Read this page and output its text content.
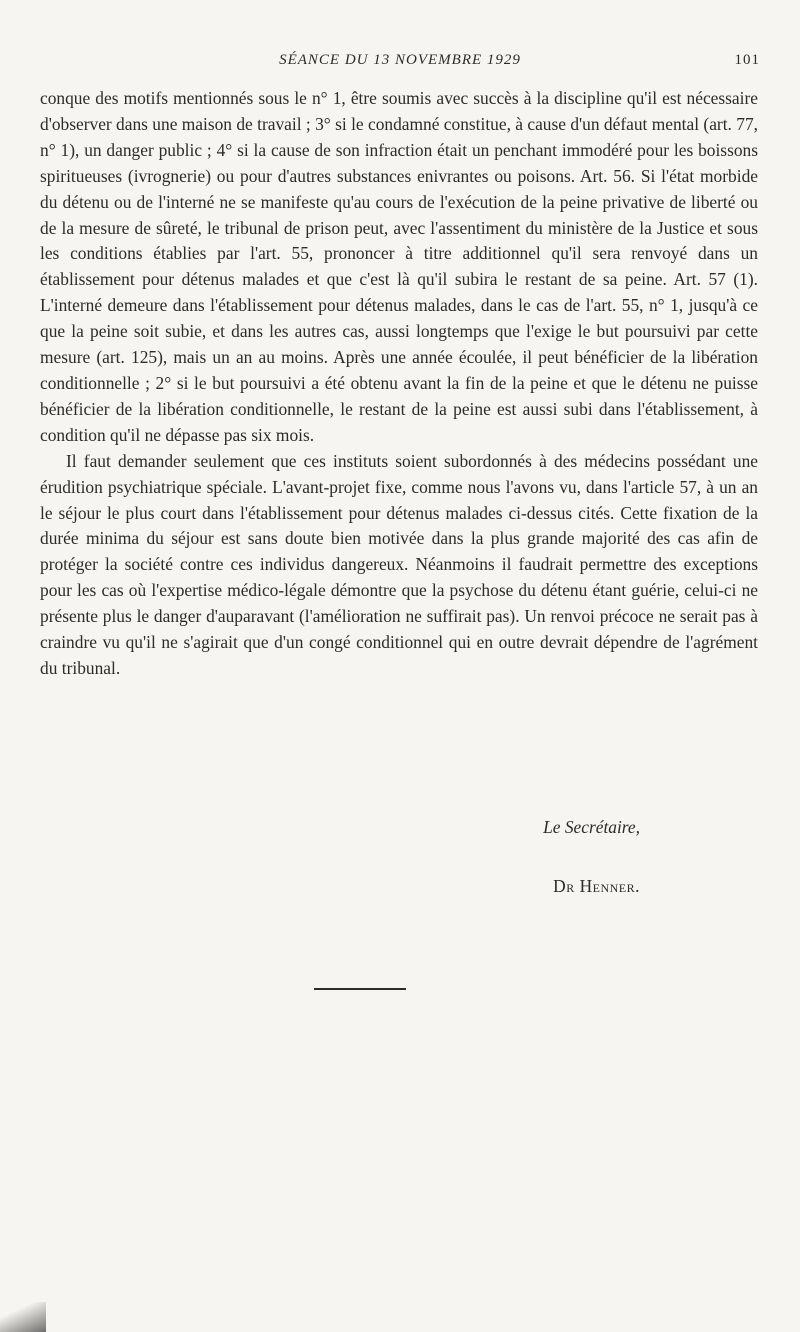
SÉANCE DU 13 NOVEMBRE 1929	101

conque des motifs mentionnés sous le n° 1, être soumis avec succès à la discipline qu'il est nécessaire d'observer dans une maison de travail ; 3° si le condamné constitue, à cause d'un défaut mental (art. 77, n° 1), un danger public ; 4° si la cause de son infraction était un penchant immodéré pour les boissons spiritueuses (ivrognerie) ou pour d'autres substances enivrantes ou poisons. Art. 56. Si l'état morbide du détenu ou de l'interné ne se manifeste qu'au cours de l'exécution de la peine privative de liberté ou de la mesure de sûreté, le tribunal de prison peut, avec l'assentiment du ministère de la Justice et sous les conditions établies par l'art. 55, prononcer à titre additionnel qu'il sera renvoyé dans un établissement pour détenus malades et que c'est là qu'il subira le restant de sa peine. Art. 57 (1). L'interné demeure dans l'établissement pour détenus malades, dans le cas de l'art. 55, n° 1, jusqu'à ce que la peine soit subie, et dans les autres cas, aussi longtemps que l'exige le but poursuivi par cette mesure (art. 125), mais un an au moins. Après une année écoulée, il peut bénéficier de la libération conditionnelle ; 2° si le but poursuivi a été obtenu avant la fin de la peine et que le détenu ne puisse bénéficier de la libération conditionnelle, le restant de la peine est aussi subi dans l'établissement, à condition qu'il ne dépasse pas six mois.

Il faut demander seulement que ces instituts soient subordonnés à des médecins possédant une érudition psychiatrique spéciale. L'avant-projet fixe, comme nous l'avons vu, dans l'article 57, à un an le séjour le plus court dans l'établissement pour détenus malades ci-dessus cités. Cette fixation de la durée minima du séjour est sans doute bien motivée dans la plus grande majorité des cas afin de protéger la société contre ces individus dangereux. Néanmoins il faudrait permettre des exceptions pour les cas où l'expertise médico-légale démontre que la psychose du détenu étant guérie, celui-ci ne présente plus le danger d'auparavant (l'amélioration ne suffirait pas). Un renvoi précoce ne serait pas à craindre vu qu'il ne s'agirait que d'un congé conditionnel qui en outre devrait dépendre de l'agrément du tribunal.

Le Secrétaire,
Dr Henner.
